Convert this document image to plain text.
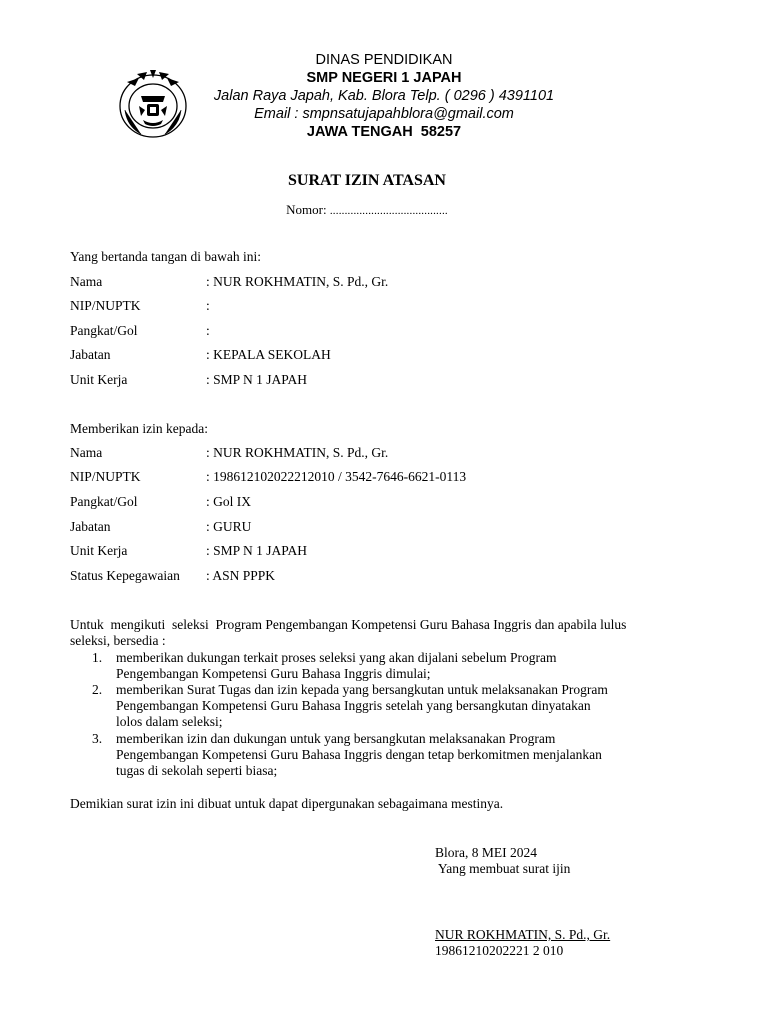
DINAS PENDIDIKAN
SMP NEGERI 1 JAPAH
Jalan Raya Japah, Kab. Blora Telp. ( 0296 ) 4391101
Email : smpnsatujapahblora@gmail.com
JAWA TENGAH  58257
SURAT IZIN ATASAN
Nomor: ........................................
Yang bertanda tangan di bawah ini:
Nama	: NUR ROKHMATIN, S. Pd., Gr.
NIP/NUPTK	:
Pangkat/Gol	:
Jabatan	: KEPALA SEKOLAH
Unit Kerja	: SMP N 1 JAPAH
Memberikan izin kepada:
Nama	: NUR ROKHMATIN, S. Pd., Gr.
NIP/NUPTK	: 198612102022212010 / 3542-7646-6621-0113
Pangkat/Gol	: Gol IX
Jabatan	: GURU
Unit Kerja	: SMP N 1 JAPAH
Status Kepegawaian : ASN PPPK
Untuk  mengikuti  seleksi  Program Pengembangan Kompetensi Guru Bahasa Inggris dan apabila lulus
seleksi, bersedia :
1. memberikan dukungan terkait proses seleksi yang akan dijalani sebelum Program
Pengembangan Kompetensi Guru Bahasa Inggris dimulai;
2. memberikan Surat Tugas dan izin kepada yang bersangkutan untuk melaksanakan Program
Pengembangan Kompetensi Guru Bahasa Inggris setelah yang bersangkutan dinyatakan
lolos dalam seleksi;
3. memberikan izin dan dukungan untuk yang bersangkutan melaksanakan Program
Pengembangan Kompetensi Guru Bahasa Inggris dengan tetap berkomitmen menjalankan
tugas di sekolah seperti biasa;
Demikian surat izin ini dibuat untuk dapat dipergunakan sebagaimana mestinya.
Blora, 8 MEI 2024
Yang membuat surat ijin
NUR ROKHMATIN, S. Pd., Gr.
19861210202221 2 010
